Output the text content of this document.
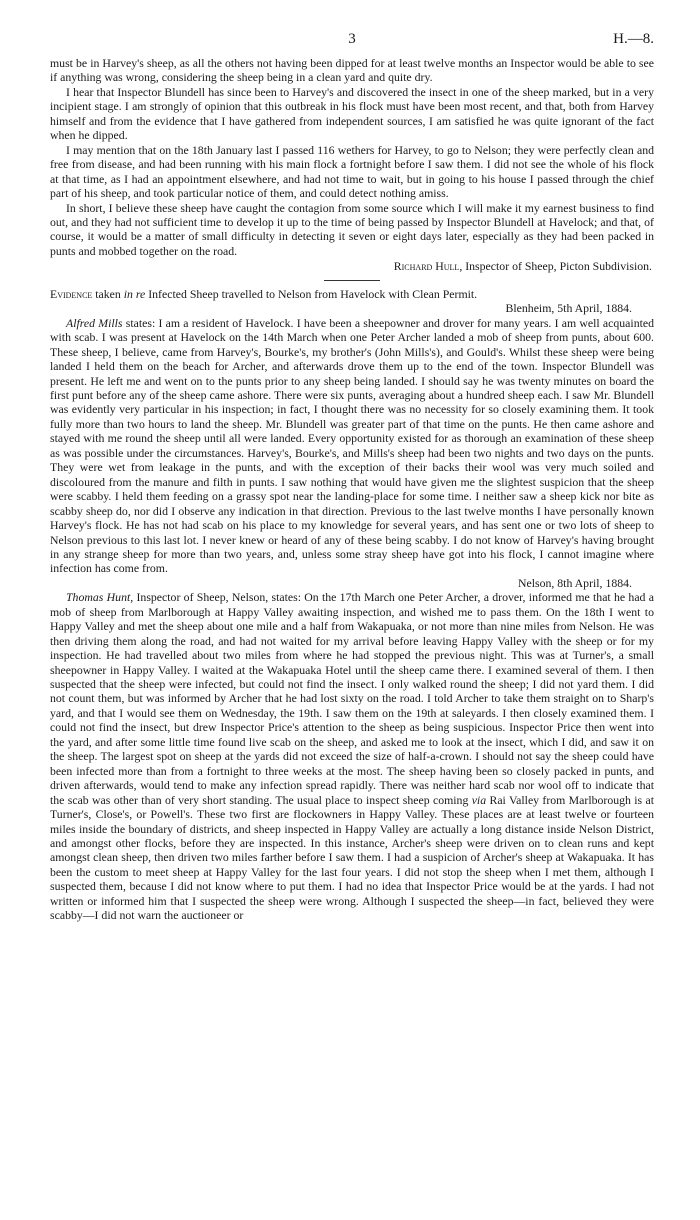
3	H.—8.

must be in Harvey's sheep, as all the others not having been dipped for at least twelve months an Inspector would be able to see if anything was wrong, considering the sheep being in a clean yard and quite dry.

I hear that Inspector Blundell has since been to Harvey's and discovered the insect in one of the sheep marked, but in a very incipient stage. I am strongly of opinion that this outbreak in his flock must have been most recent, and that, both from Harvey himself and from the evidence that I have gathered from independent sources, I am satisfied he was quite ignorant of the fact when he dipped.

I may mention that on the 18th January last I passed 116 wethers for Harvey, to go to Nelson; they were perfectly clean and free from disease, and had been running with his main flock a fortnight before I saw them. I did not see the whole of his flock at that time, as I had an appointment elsewhere, and had not time to wait, but in going to his house I passed through the chief part of his sheep, and took particular notice of them, and could detect nothing amiss.

In short, I believe these sheep have caught the contagion from some source which I will make it my earnest business to find out, and they had not sufficient time to develop it up to the time of being passed by Inspector Blundell at Havelock; and that, of course, it would be a matter of small difficulty in detecting it seven or eight days later, especially as they had been packed in punts and mobbed together on the road.

Richard Hull, Inspector of Sheep, Picton Subdivision.

Evidence taken in re Infected Sheep travelled to Nelson from Havelock with Clean Permit.

Blenheim, 5th April, 1884.

Alfred Mills states: I am a resident of Havelock. I have been a sheepowner and drover for many years. I am well acquainted with scab. I was present at Havelock on the 14th March when one Peter Archer landed a mob of sheep from punts, about 600. These sheep, I believe, came from Harvey's, Bourke's, my brother's (John Mills's), and Gould's. Whilst these sheep were being landed I held them on the beach for Archer, and afterwards drove them up to the end of the town. Inspector Blundell was present. He left me and went on to the punts prior to any sheep being landed. I should say he was twenty minutes on board the first punt before any of the sheep came ashore. There were six punts, averaging about a hundred sheep each. I saw Mr. Blundell was evidently very particular in his inspection; in fact, I thought there was no necessity for so closely examining them. It took fully more than two hours to land the sheep. Mr. Blundell was greater part of that time on the punts. He then came ashore and stayed with me round the sheep until all were landed. Every opportunity existed for as thorough an examination of these sheep as was possible under the circumstances. Harvey's, Bourke's, and Mills's sheep had been two nights and two days on the punts. They were wet from leakage in the punts, and with the exception of their backs their wool was very much soiled and discoloured from the manure and filth in punts. I saw nothing that would have given me the slightest suspicion that the sheep were scabby. I held them feeding on a grassy spot near the landing-place for some time. I neither saw a sheep kick nor bite as scabby sheep do, nor did I observe any indication in that direction. Previous to the last twelve months I have personally known Harvey's flock. He has not had scab on his place to my knowledge for several years, and has sent one or two lots of sheep to Nelson previous to this last lot. I never knew or heard of any of these being scabby. I do not know of Harvey's having brought in any strange sheep for more than two years, and, unless some stray sheep have got into his flock, I cannot imagine where infection has come from.

Nelson, 8th April, 1884.

Thomas Hunt, Inspector of Sheep, Nelson, states: On the 17th March one Peter Archer, a drover, informed me that he had a mob of sheep from Marlborough at Happy Valley awaiting inspection, and wished me to pass them. On the 18th I went to Happy Valley and met the sheep about one mile and a half from Wakapuaka, or not more than nine miles from Nelson. He was then driving them along the road, and had not waited for my arrival before leaving Happy Valley with the sheep or for my inspection. He had travelled about two miles from where he had stopped the previous night. This was at Turner's, a small sheepowner in Happy Valley. I waited at the Wakapuaka Hotel until the sheep came there. I examined several of them. I then suspected that the sheep were infected, but could not find the insect. I only walked round the sheep; I did not yard them. I did not count them, but was informed by Archer that he had lost sixty on the road. I told Archer to take them straight on to Sharp's yard, and that I would see them on Wednesday, the 19th. I saw them on the 19th at saleyards. I then closely examined them. I could not find the insect, but drew Inspector Price's attention to the sheep as being suspicious. Inspector Price then went into the yard, and after some little time found live scab on the sheep, and asked me to look at the insect, which I did, and saw it on the sheep. The largest spot on sheep at the yards did not exceed the size of half-a-crown. I should not say the sheep could have been infected more than from a fortnight to three weeks at the most. The sheep having been so closely packed in punts, and driven afterwards, would tend to make any infection spread rapidly. There was neither hard scab nor wool off to indicate that the scab was other than of very short standing. The usual place to inspect sheep coming via Rai Valley from Marlborough is at Turner's, Close's, or Powell's. These two first are flockowners in Happy Valley. These places are at least twelve or fourteen miles inside the boundary of districts, and sheep inspected in Happy Valley are actually a long distance inside Nelson District, and amongst other flocks, before they are inspected. In this instance, Archer's sheep were driven on to clean runs and kept amongst clean sheep, then driven two miles farther before I saw them. I had a suspicion of Archer's sheep at Wakapuaka. It has been the custom to meet sheep at Happy Valley for the last four years. I did not stop the sheep when I met them, although I suspected them, because I did not know where to put them. I had no idea that Inspector Price would be at the yards. I had not written or informed him that I suspected the sheep were wrong. Although I suspected the sheep—in fact, believed they were scabby—I did not warn the auctioneer or
